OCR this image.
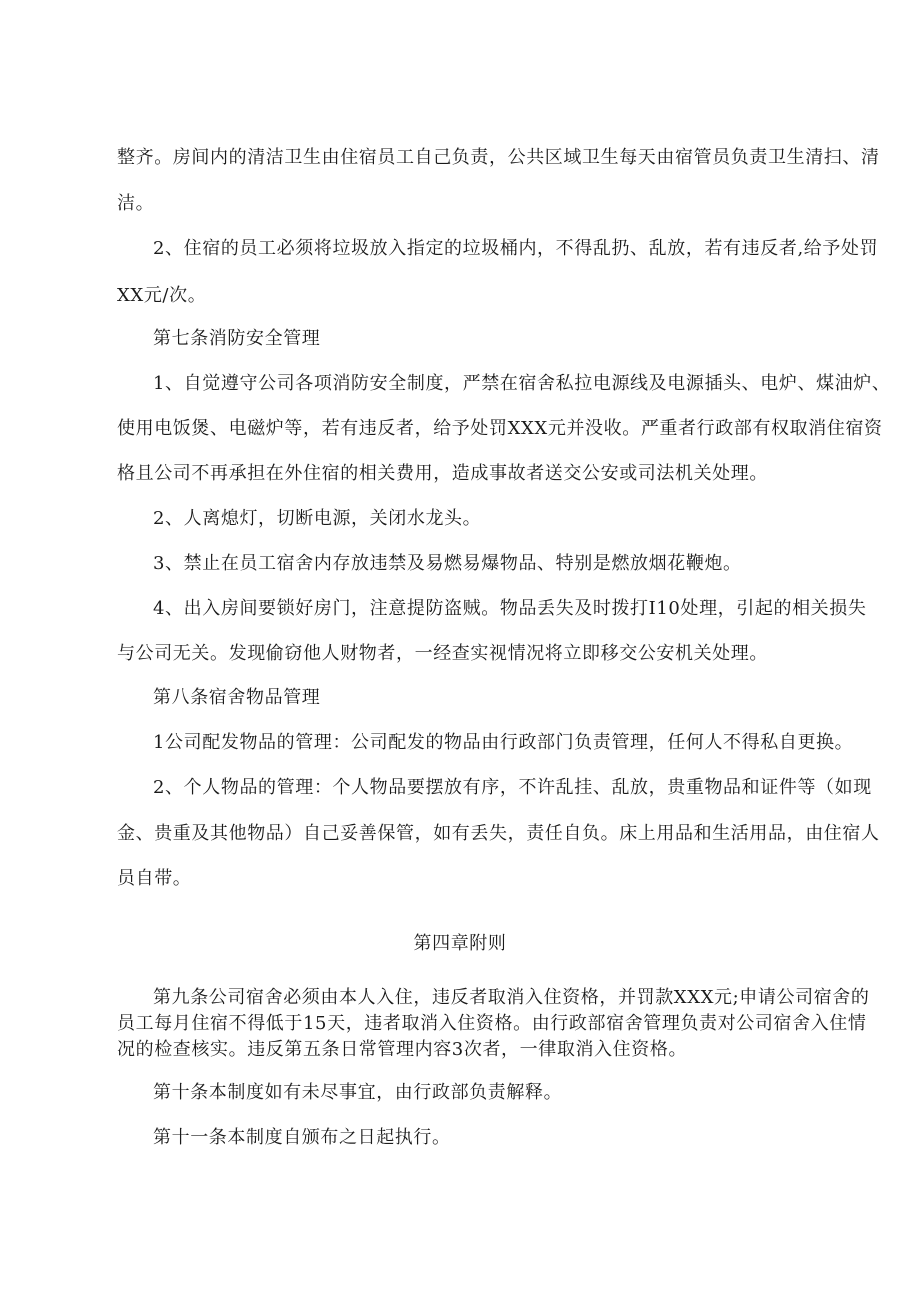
整齐。房间内的清洁卫生由住宿员工自己负责，公共区域卫生每天由宿管员负责卫生清扫、清
洁。
2、住宿的员工必须将垃圾放入指定的垃圾桶内，不得乱扔、乱放，若有违反者,给予处罚
XX元/次。
第七条消防安全管理
1、自觉遵守公司各项消防安全制度，严禁在宿舍私拉电源线及电源插头、电炉、煤油炉、
使用电饭煲、电磁炉等，若有违反者，给予处罚XXX元并没收。严重者行政部有权取消住宿资
格且公司不再承担在外住宿的相关费用，造成事故者送交公安或司法机关处理。
2、人离熄灯，切断电源，关闭水龙头。
3、禁止在员工宿舍内存放违禁及易燃易爆物品、特别是燃放烟花鞭炮。
4、出入房间要锁好房门，注意提防盗贼。物品丢失及时拨打I10处理，引起的相关损失
与公司无关。发现偷窃他人财物者，一经查实视情况将立即移交公安机关处理。
第八条宿舍物品管理
1公司配发物品的管理：公司配发的物品由行政部门负责管理，任何人不得私自更换。
2、个人物品的管理：个人物品要摆放有序，不许乱挂、乱放，贵重物品和证件等（如现
金、贵重及其他物品）自己妥善保管，如有丢失，责任自负。床上用品和生活用品，由住宿人
员自带。
第四章附则
第九条公司宿舍必须由本人入住，违反者取消入住资格，并罚款XXX元;申请公司宿舍的
员工每月住宿不得低于15天，违者取消入住资格。由行政部宿舍管理负责对公司宿舍入住情
况的检查核实。违反第五条日常管理内容3次者，一律取消入住资格。
第十条本制度如有未尽事宜，由行政部负责解释。
第十一条本制度自颁布之日起执行。
